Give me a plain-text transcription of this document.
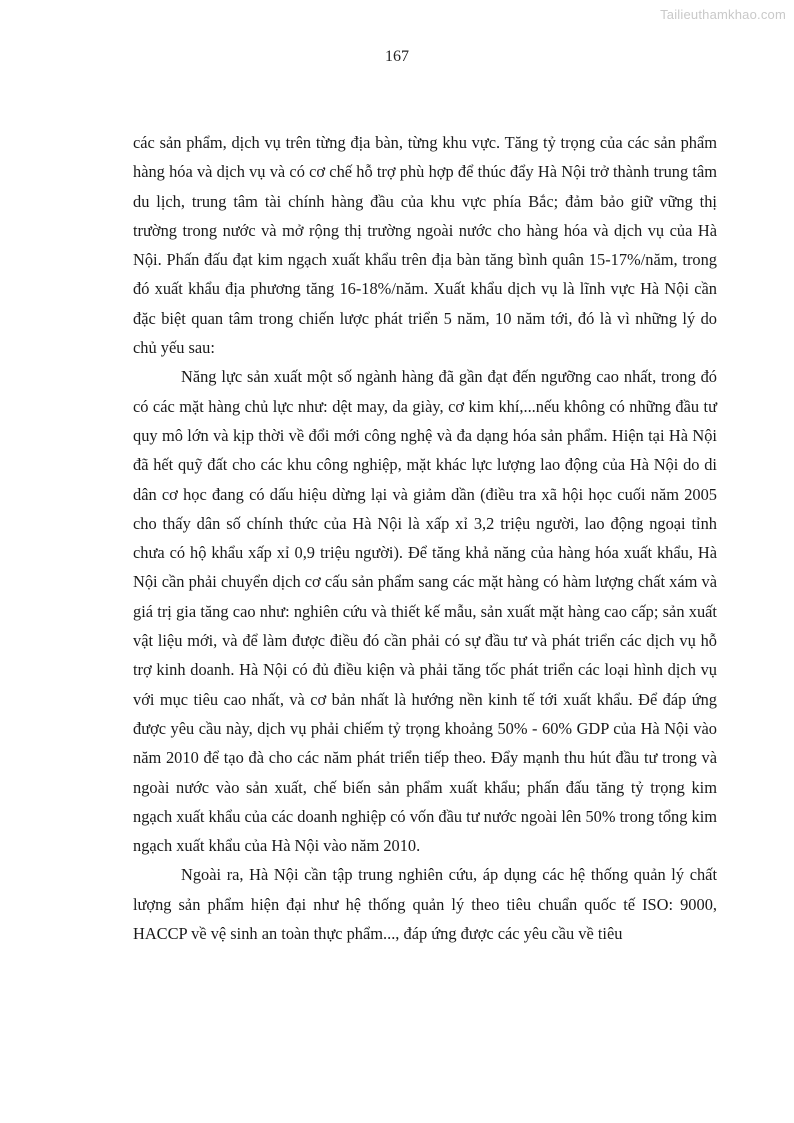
Tailieuthamkhao.com
167

các sản phẩm, dịch vụ trên từng địa bàn, từng khu vực. Tăng tỷ trọng của các sản phẩm hàng hóa và dịch vụ và có cơ chế hỗ trợ phù hợp để thúc đẩy Hà Nội trở thành trung tâm du lịch, trung tâm tài chính hàng đầu của khu vực phía Bắc; đảm bảo giữ vững thị trường trong nước và mở rộng thị trường ngoài nước cho hàng hóa và dịch vụ của Hà Nội. Phấn đấu đạt kim ngạch xuất khẩu trên địa bàn tăng bình quân 15-17%/năm, trong đó xuất khẩu địa phương tăng 16-18%/năm. Xuất khẩu dịch vụ là lĩnh vực Hà Nội cần đặc biệt quan tâm trong chiến lược phát triển 5 năm, 10 năm tới, đó là vì những lý do chủ yếu sau:

Năng lực sản xuất một số ngành hàng đã gần đạt đến ngưỡng cao nhất, trong đó có các mặt hàng chủ lực như: dệt may, da giày, cơ kim khí,...nếu không có những đầu tư quy mô lớn và kịp thời về đổi mới công nghệ và đa dạng hóa sản phẩm. Hiện tại Hà Nội đã hết quỹ đất cho các khu công nghiệp, mặt khác lực lượng lao động của Hà Nội do di dân cơ học đang có dấu hiệu dừng lại và giảm dần (điều tra xã hội học cuối năm 2005 cho thấy dân số chính thức của Hà Nội là xấp xỉ 3,2 triệu người, lao động ngoại tỉnh chưa có hộ khẩu xấp xỉ 0,9 triệu người). Để tăng khả năng của hàng hóa xuất khẩu, Hà Nội cần phải chuyển dịch cơ cấu sản phẩm sang các mặt hàng có hàm lượng chất xám và giá trị gia tăng cao như: nghiên cứu và thiết kế mẫu, sản xuất mặt hàng cao cấp; sản xuất vật liệu mới, và để làm được điều đó cần phải có sự đầu tư và phát triển các dịch vụ hỗ trợ kinh doanh. Hà Nội có đủ điều kiện và phải tăng tốc phát triển các loại hình dịch vụ với mục tiêu cao nhất, và cơ bản nhất là hướng nền kinh tế tới xuất khẩu. Để đáp ứng được yêu cầu này, dịch vụ phải chiếm tỷ trọng khoảng 50% - 60% GDP của Hà Nội vào năm 2010 để tạo đà cho các năm phát triển tiếp theo. Đẩy mạnh thu hút đầu tư trong và ngoài nước vào sản xuất, chế biến sản phẩm xuất khẩu; phấn đấu tăng tỷ trọng kim ngạch xuất khẩu của các doanh nghiệp có vốn đầu tư nước ngoài lên 50% trong tổng kim ngạch xuất khẩu của Hà Nội vào năm 2010.

Ngoài ra, Hà Nội cần tập trung nghiên cứu, áp dụng các hệ thống quản lý chất lượng sản phẩm hiện đại như hệ thống quản lý theo tiêu chuẩn quốc tế ISO: 9000, HACCP về vệ sinh an toàn thực phẩm..., đáp ứng được các yêu cầu về tiêu
